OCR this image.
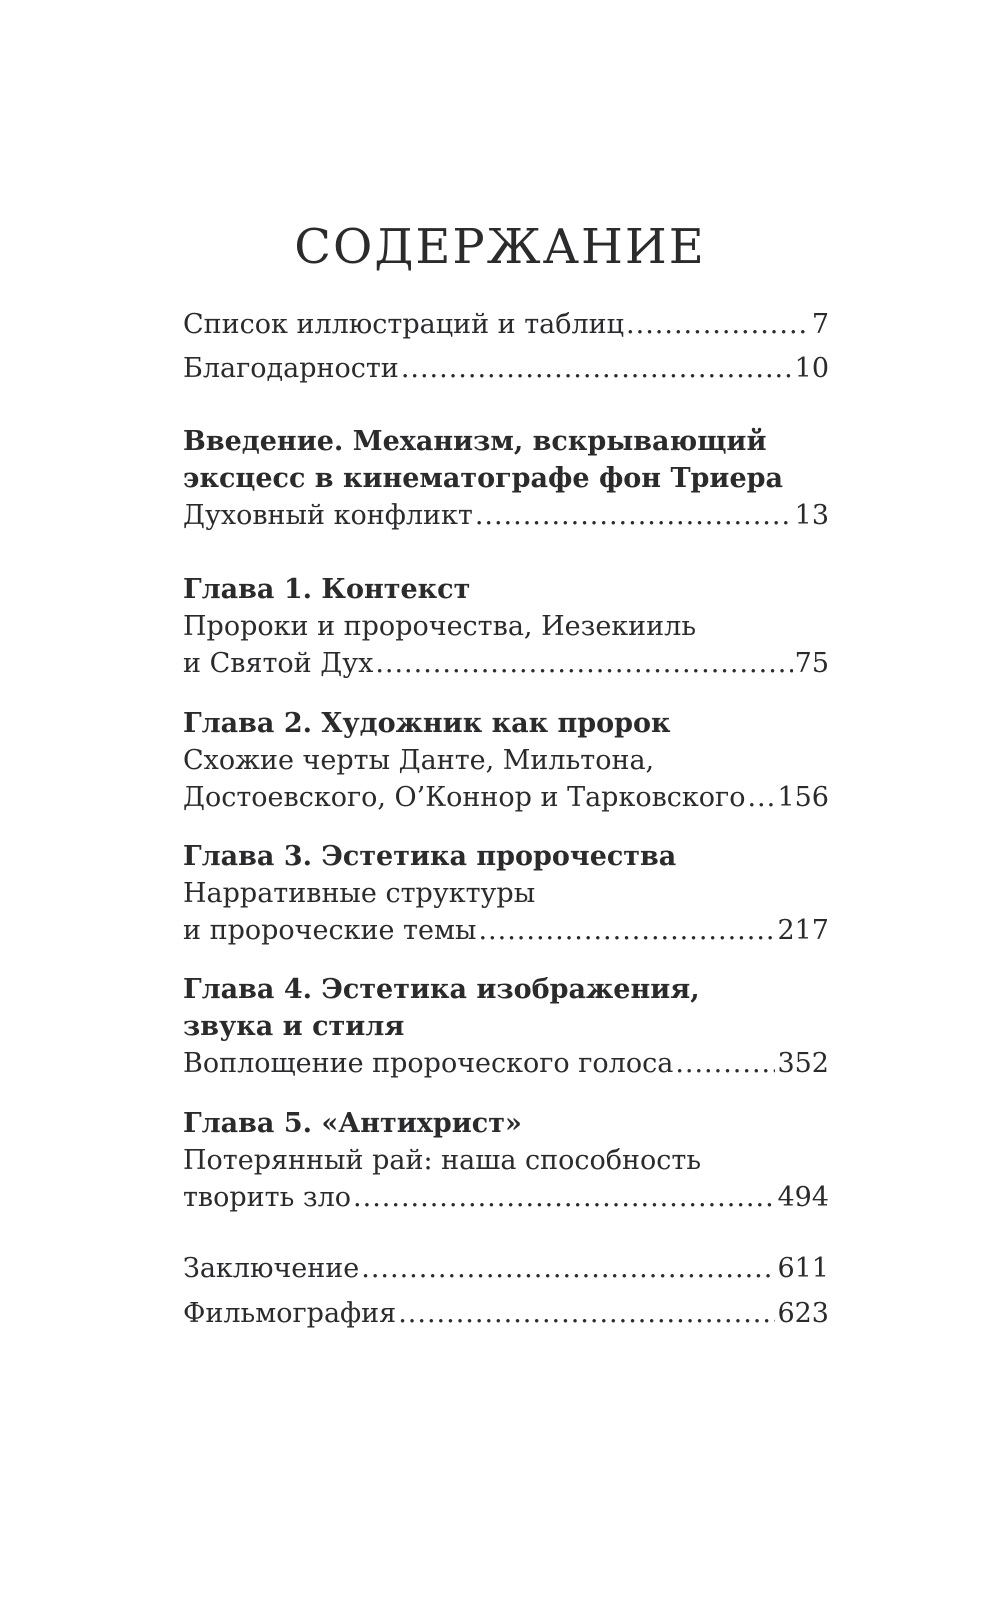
СОДЕРЖАНИЕ
Список иллюстраций и таблиц .....	7
Благодарности .....	10
Введение. Механизм, вскрывающий
эксцесс в кинематографе фон Триера
Духовный конфликт .....	13
Глава 1. Контекст
Пророки и пророчества, Иезекииль
и Святой Дух .....	75
Глава 2. Художник как пророк
Схожие черты Данте, Мильтона,
Достоевского, О’Коннор и Тарковского ..... 156
Глава 3. Эстетика пророчества
Нарративные структуры
и пророческие темы .....	217
Глава 4. Эстетика изображения,
звука и стиля
Воплощение пророческого голоса .....	352
Глава 5. «Антихрист»
Потерянный рай: наша способность
творить зло .....	494
Заключение .....	611
Фильмография .....	623
